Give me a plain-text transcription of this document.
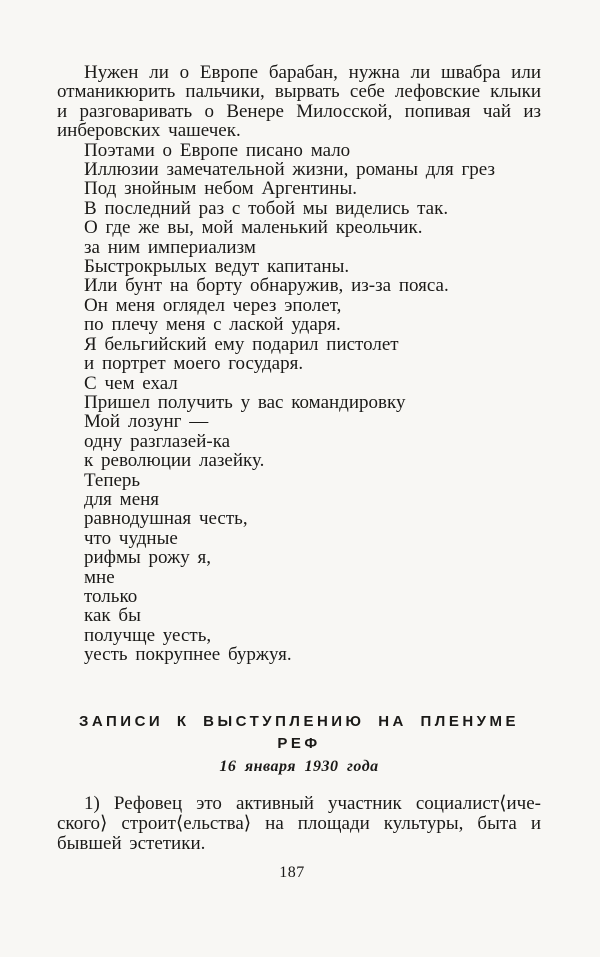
Нужен ли о Европе барабан, нужна ли швабра или
отманикюрить пальчики, вырвать себе лефовские клыки
и разговаривать о Венере Милосской, попивая чай из
инберовских чашечек.
Поэтами о Европе писано мало
Иллюзии замечательной жизни, романы для грез
Под знойным небом Аргентины.
В последний раз с тобой мы виделись так.
О где же вы, мой маленький креольчик.
за ним империализм
Быстрокрылых ведут капитаны.
Или бунт на борту обнаружив, из-за пояса.
Он меня оглядел через эполет,
по плечу меня с лаской ударя.
Я бельгийский ему подарил пистолет
и портрет моего государя.
С чем ехал
Пришел получить у вас командировку
Мой лозунг —
одну разглазей-ка
к революции лазейку.
Теперь
для меня
равнодушная честь,
что чудные
рифмы рожу я,
мне
только
как бы
получще уесть,
уесть покрупнее буржуя.
ЗАПИСИ К ВЫСТУПЛЕНИЮ НА ПЛЕНУМЕ
РЕФ
16 января 1930 года
1) Рефовец это активный участник социалист⟨иче-
ского⟩ строит⟨ельства⟩ на площади культуры, быта и
бывшей эстетики.
187
